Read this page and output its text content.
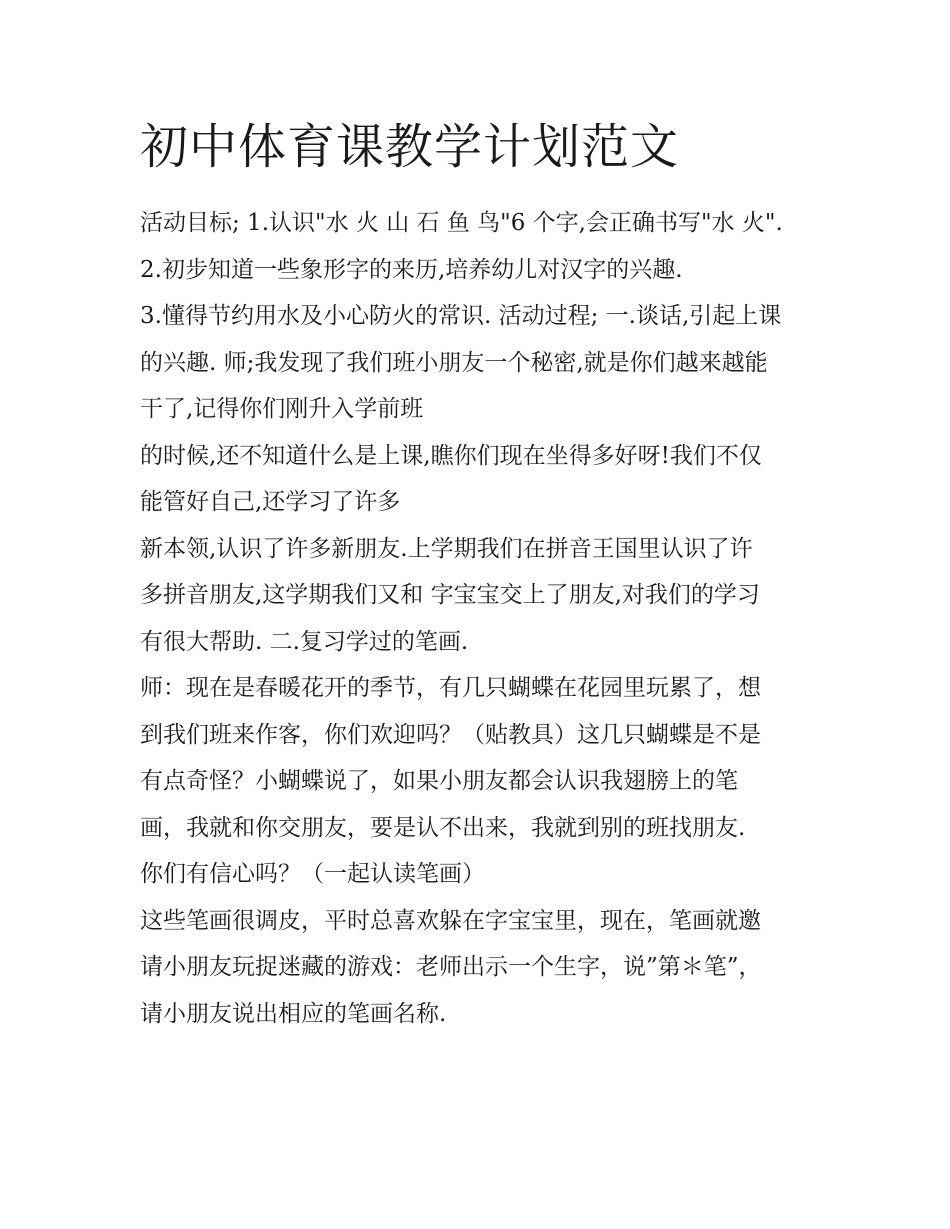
初中体育课教学计划范文
活动目标; 1.认识"水 火 山 石 鱼 鸟"6 个字,会正确书写"水 火".
2.初步知道一些象形字的来历,培养幼儿对汉字的兴趣.
3.懂得节约用水及小心防火的常识. 活动过程; 一.谈话,引起上课
的兴趣. 师;我发现了我们班小朋友一个秘密,就是你们越来越能
干了,记得你们刚升入学前班
的时候,还不知道什么是上课,瞧你们现在坐得多好呀!我们不仅
能管好自己,还学习了许多
新本领,认识了许多新朋友.上学期我们在拼音王国里认识了许
多拼音朋友,这学期我们又和 字宝宝交上了朋友,对我们的学习
有很大帮助. 二.复习学过的笔画.
师：现在是春暖花开的季节，有几只蝴蝶在花园里玩累了，想
到我们班来作客，你们欢迎吗？（贴教具）这几只蝴蝶是不是
有点奇怪？小蝴蝶说了，如果小朋友都会认识我翅膀上的笔
画，我就和你交朋友，要是认不出来，我就到别的班找朋友.
你们有信心吗？（一起认读笔画）
这些笔画很调皮，平时总喜欢躲在字宝宝里，现在，笔画就邀
请小朋友玩捉迷藏的游戏：老师出示一个生字，说”第＊笔”，
请小朋友说出相应的笔画名称.
